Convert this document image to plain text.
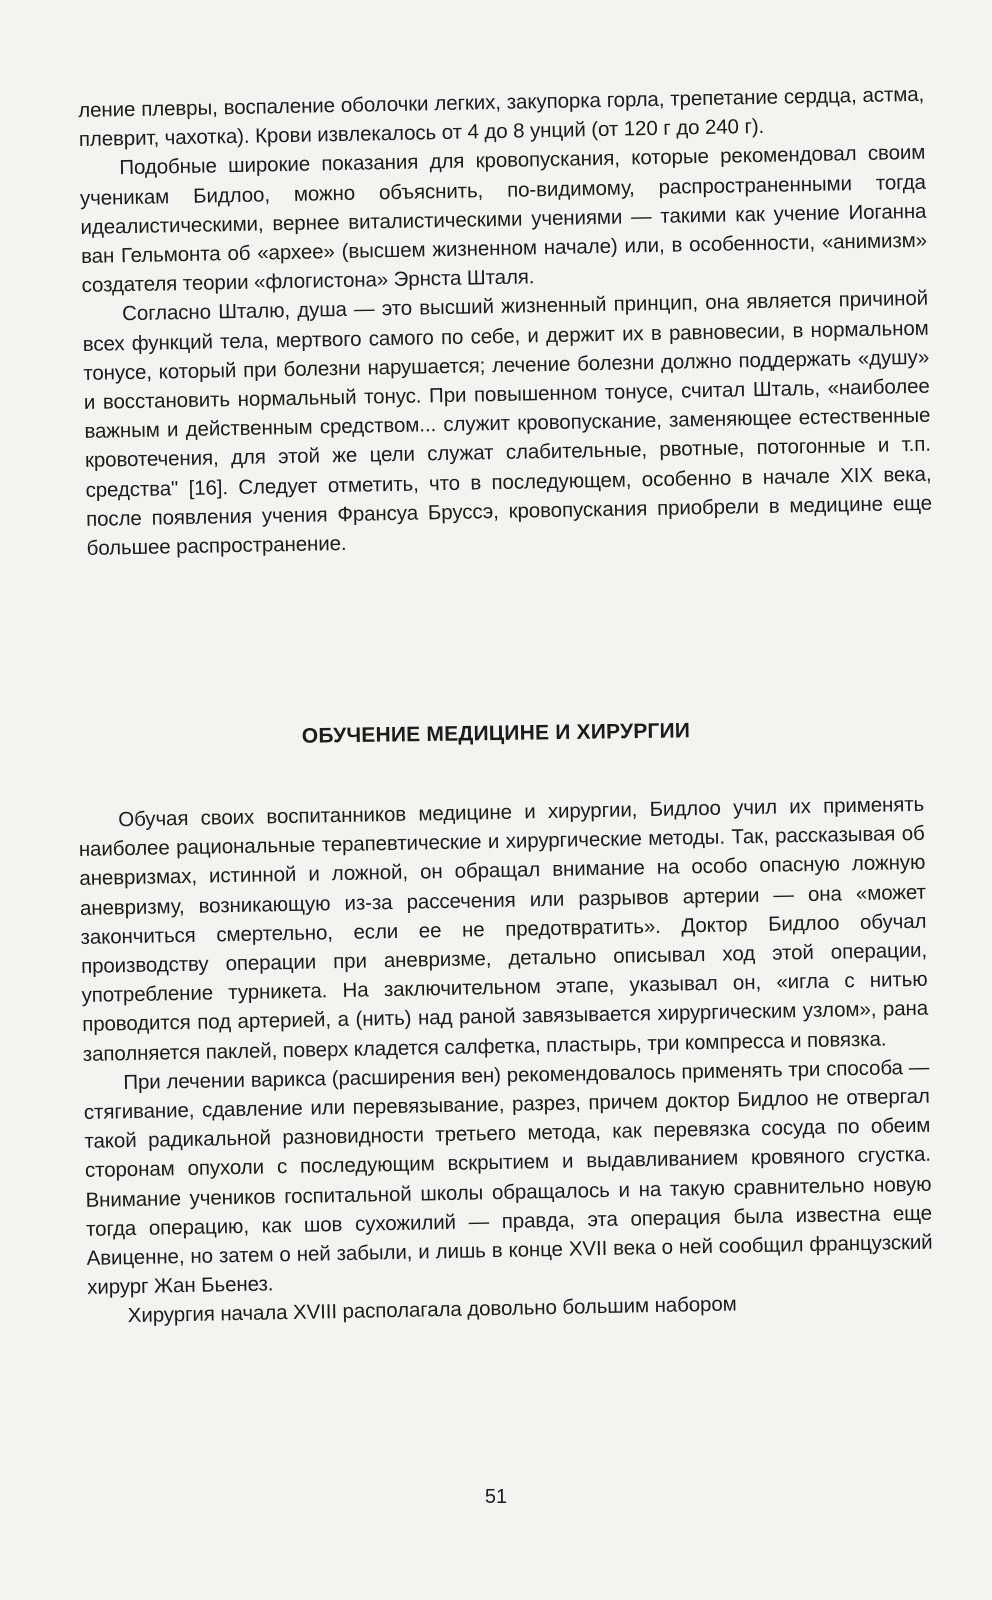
ление плевры, воспаление оболочки легких, закупорка горла, трепетание сердца, астма, плеврит, чахотка). Крови извлекалось от 4 до 8 унций (от 120 г до 240 г).

Подобные широкие показания для кровопускания, которые рекомендовал своим ученикам Бидлоо, можно объяснить, по-видимому, распространенными тогда идеалистическими, вернее виталистическими учениями — такими как учение Иоганна ван Гельмонта об «архее» (высшем жизненном начале) или, в особенности, «анимизм» создателя теории «флогистона» Эрнста Шталя.

Согласно Шталю, душа — это высший жизненный принцип, она является причиной всех функций тела, мертвого самого по себе, и держит их в равновесии, в нормальном тонусе, который при болезни нарушается; лечение болезни должно поддержать «душу» и восстановить нормальный тонус. При повышенном тонусе, считал Шталь, «наиболее важным и действенным средством... служит кровопускание, заменяющее естественные кровотечения, для этой же цели служат слабительные, рвотные, потогонные и т.п. средства" [16]. Следует отметить, что в последующем, особенно в начале XIX века, после появления учения Франсуа Бруссэ, кровопускания приобрели в медицине еще большее распространение.

ОБУЧЕНИЕ МЕДИЦИНЕ И ХИРУРГИИ

Обучая своих воспитанников медицине и хирургии, Бидлоо учил их применять наиболее рациональные терапевтические и хирургические методы. Так, рассказывая об аневризмах, истинной и ложной, он обращал внимание на особо опасную ложную аневризму, возникающую из-за рассечения или разрывов артерии — она «может закончиться смертельно, если ее не предотвратить». Доктор Бидлоо обучал производству операции при аневризме, детально описывал ход этой операции, употребление турникета. На заключительном этапе, указывал он, «игла с нитью проводится под артерией, а (нить) над раной завязывается хирургическим узлом», рана заполняется паклей, поверх кладется салфетка, пластырь, три компресса и повязка.

При лечении варикса (расширения вен) рекомендовалось применять три способа — стягивание, сдавление или перевязывание, разрез, причем доктор Бидлоо не отвергал такой радикальной разновидности третьего метода, как перевязка сосуда по обеим сторонам опухоли с последующим вскрытием и выдавливанием кровяного сгустка. Внимание учеников госпитальной школы обращалось и на такую сравнительно новую тогда операцию, как шов сухожилий — правда, эта операция была известна еще Авиценне, но затем о ней забыли, и лишь в конце XVII века о ней сообщил французский хирург Жан Бьенез.

Хирургия начала XVIII располагала довольно большим набором

51
